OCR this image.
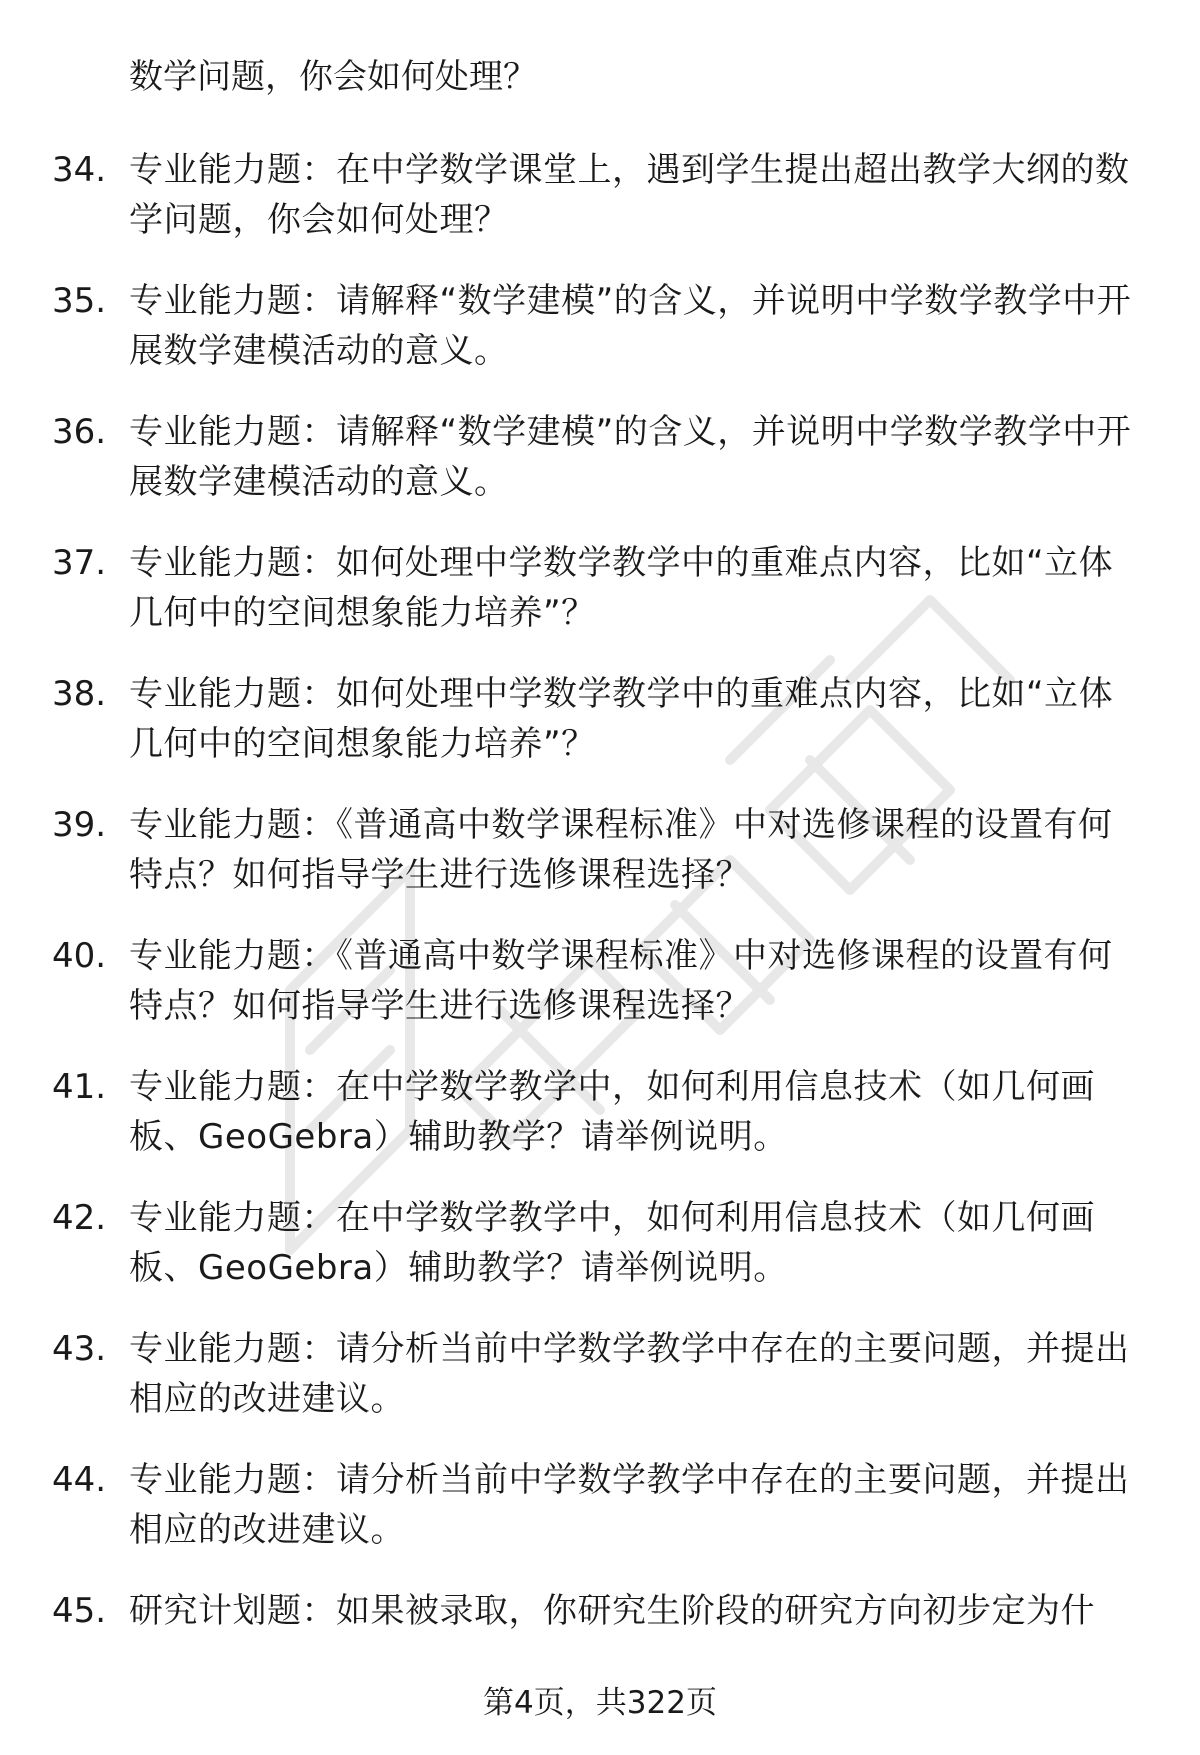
数学问题，你会如何处理？

34. 专业能力题：在中学数学课堂上，遇到学生提出超出教学大纲的数学问题，你会如何处理？
35. 专业能力题：请解释“数学建模”的含义，并说明中学数学教学中开展数学建模活动的意义。
36. 专业能力题：请解释“数学建模”的含义，并说明中学数学教学中开展数学建模活动的意义。
37. 专业能力题：如何处理中学数学教学中的重难点内容，比如“立体几何中的空间想象能力培养”？
38. 专业能力题：如何处理中学数学教学中的重难点内容，比如“立体几何中的空间想象能力培养”？
39. 专业能力题：《普通高中数学课程标准》中对选修课程的设置有何特点？如何指导学生进行选修课程选择？
40. 专业能力题：《普通高中数学课程标准》中对选修课程的设置有何特点？如何指导学生进行选修课程选择？
41. 专业能力题：在中学数学教学中，如何利用信息技术（如几何画板、GeoGebra）辅助教学？请举例说明。
42. 专业能力题：在中学数学教学中，如何利用信息技术（如几何画板、GeoGebra）辅助教学？请举例说明。
43. 专业能力题：请分析当前中学数学教学中存在的主要问题，并提出相应的改进建议。
44. 专业能力题：请分析当前中学数学教学中存在的主要问题，并提出相应的改进建议。
45. 研究计划题：如果被录取，你研究生阶段的研究方向初步定为什
第4页，共322页
